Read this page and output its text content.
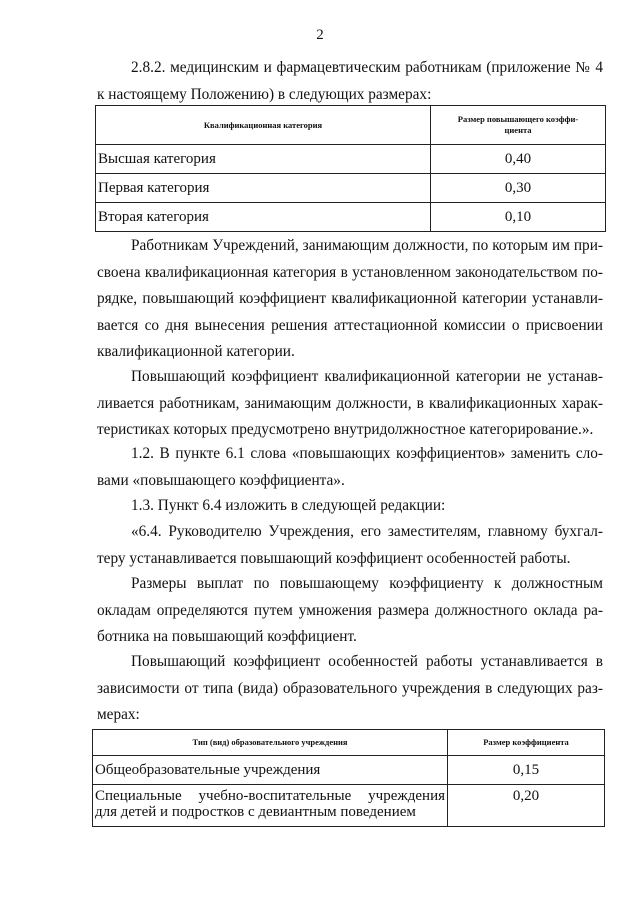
2

2.8.2. медицинским и фармацевтическим работникам (приложение № 4
к настоящему Положению) в следующих размерах:

Квалификационная категория	Размер повышающего коэффи-
циента

Высшая категория	0,40
Первая категория	0,30
Вторая категория	0,10

Работникам Учреждений, занимающим должности, по которым им при-
своена квалификационная категория в установленном законодательством по-
рядке, повышающий коэффициент квалификационной категории устанавли-
вается со дня вынесения решения аттестационной комиссии о присвоении
квалификационной категории.

Повышающий коэффициент квалификационной категории не устанав-
ливается работникам, занимающим должности, в квалификационных харак-
теристиках которых предусмотрено внутридолжностное категорирование.».

1.2. В пункте 6.1 слова «повышающих коэффициентов» заменить сло-
вами «повышающего коэффициента».

1.3. Пункт 6.4 изложить в следующей редакции:

«6.4. Руководителю Учреждения, его заместителям, главному бухгал-
теру устанавливается повышающий коэффициент особенностей работы.

Размеры выплат по повышающему коэффициенту к должностным
окладам определяются путем умножения размера должностного оклада ра-
ботника на повышающий коэффициент.

Повышающий коэффициент особенностей работы устанавливается в
зависимости от типа (вида) образовательного учреждения в следующих раз-
мерах:

Тип (вид) образовательного учреждения	Размер коэффициента
Общеобразовательные учреждения	0,15

Специальные учебно-воспитательные учреждения
для детей и подростков с девиантным поведением	0,20
